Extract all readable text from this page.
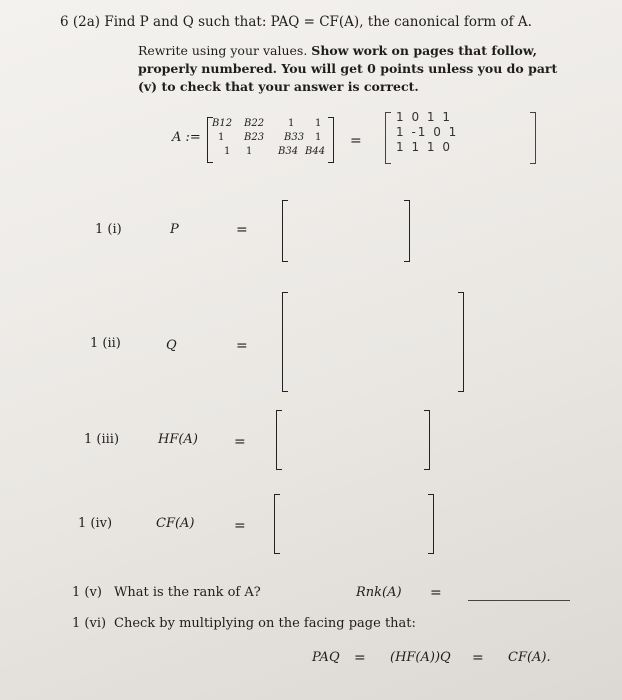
6 (2a) Find P and Q such that: PAQ = CF(A), the canonical form of A.
Rewrite using your values. Show work on pages that follow, properly numbered. You will get 0 points unless you do part (v) to check that your answer is correct.
A :=
B12 B22 1 1
1 B23 B33 1
1 1	B34 B44
=
1 0 1 1
1 -1 0 1
1 1 1 0
1 (i)	P	=
1 (ii)	Q	=
1 (iii)	HF(A)	=
1 (iv)	CF(A)	=
1 (v) What is the rank of A?	Rnk(A) =
1 (vi) Check by multiplying on the facing page that:
PAQ = (HF(A))Q = CF(A).
